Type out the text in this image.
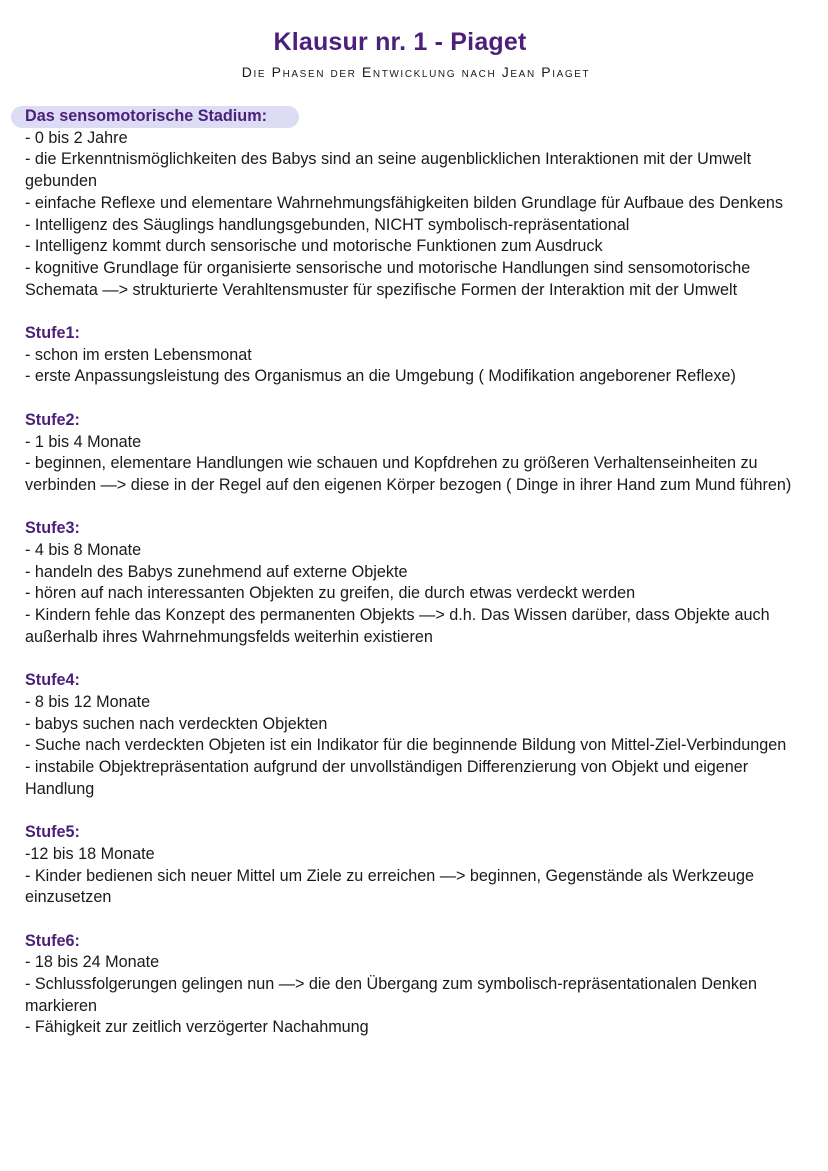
Klausur nr. 1 - Piaget
Die Phasen der Entwicklung nach Jean Piaget
Das sensomotorische Stadium:
- 0 bis 2 Jahre
- die Erkenntnismöglichkeiten des Babys sind an seine augenblicklichen Interaktionen mit der Umwelt gebunden
- einfache Reflexe und elementare Wahrnehmungsfähigkeiten bilden Grundlage für Aufbaue des Denkens
- Intelligenz des Säuglings handlungsgebunden, NICHT symbolisch-repräsentational
- Intelligenz kommt durch sensorische und motorische Funktionen zum Ausdruck
- kognitive Grundlage für organisierte sensorische und motorische Handlungen sind sensomotorische Schemata —> strukturierte Verahltensmuster für spezifische Formen der Interaktion mit der Umwelt
Stufe1:
- schon im ersten Lebensmonat
- erste Anpassungsleistung des Organismus an die Umgebung ( Modifikation angeborener Reflexe)
Stufe2:
- 1 bis 4 Monate
- beginnen, elementare Handlungen wie schauen und Kopfdrehen zu größeren Verhaltenseinheiten zu verbinden —> diese in der Regel auf den eigenen Körper bezogen ( Dinge in ihrer Hand zum Mund führen)
Stufe3:
- 4 bis 8 Monate
- handeln des Babys zunehmend auf externe Objekte
- hören auf nach interessanten Objekten zu greifen, die durch etwas verdeckt werden
- Kindern fehle das Konzept des permanenten Objekts —> d.h. Das Wissen darüber, dass Objekte auch außerhalb ihres Wahrnehmungsfelds weiterhin existieren
Stufe4:
- 8 bis 12 Monate
- babys suchen nach verdeckten Objekten
- Suche nach verdeckten Objeten ist ein Indikator für die beginnende Bildung von Mittel-Ziel-Verbindungen
- instabile Objektrepräsentation aufgrund der unvollständigen Differenzierung von Objekt und eigener Handlung
Stufe5:
-12 bis 18 Monate
- Kinder bedienen sich neuer Mittel um Ziele zu erreichen —> beginnen, Gegenstände als Werkzeuge einzusetzen
Stufe6:
- 18 bis 24 Monate
- Schlussfolgerungen gelingen nun —> die den Übergang zum symbolisch-repräsentationalen Denken markieren
- Fähigkeit zur zeitlich verzögerter Nachahmung
